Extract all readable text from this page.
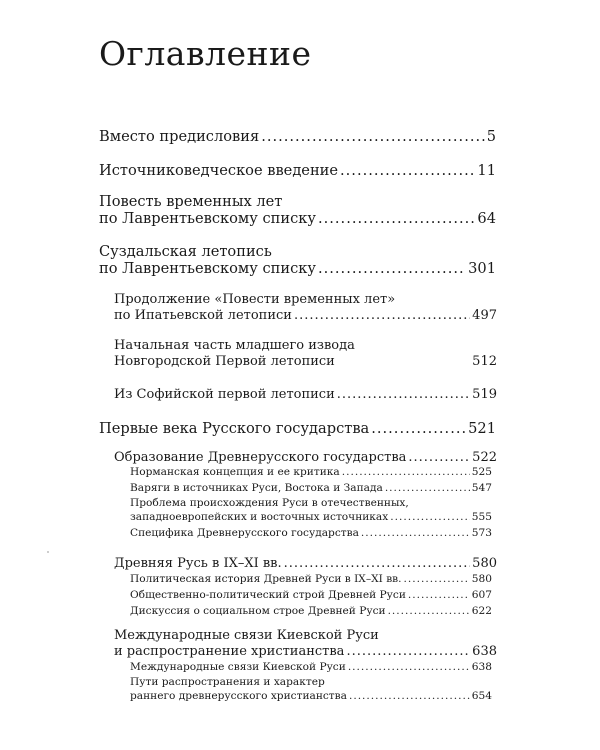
Оглавление
Вместо предисловия .....	5
Источниковедческое введение .....	11
Повесть временных лет
по Лаврентьевскому списку .....	64
Суздальская летопись
по Лаврентьевскому списку .....	301
Продолжение «Повести временных лет»
по Ипатьевской летописи .....	497
Начальная часть младшего извода
Новгородской Первой летописи	512
Из Софийской первой летописи .....	519
Первые века Русского государства .....	521
Образование Древнерусского государства .....	522
Норманская концепция и ее критика .....	525
Варяги в источниках Руси, Востока и Запада .....	547
Проблема происхождения Руси в отечественных,
западноевропейских и восточных источниках .....	555
Специфика Древнерусского государства .....	573
Древняя Русь в IX–XI вв. .....	580
Политическая история Древней Руси в IX–XI вв. .....	580
Общественно-политический строй Древней Руси .....	607
Дискуссия о социальном строе Древней Руси .....	622
Международные связи Киевской Руси
и распространение христианства .....	638
Международные связи Киевской Руси .....	638
Пути распространения и характер
раннего древнерусского христианства .....	654
